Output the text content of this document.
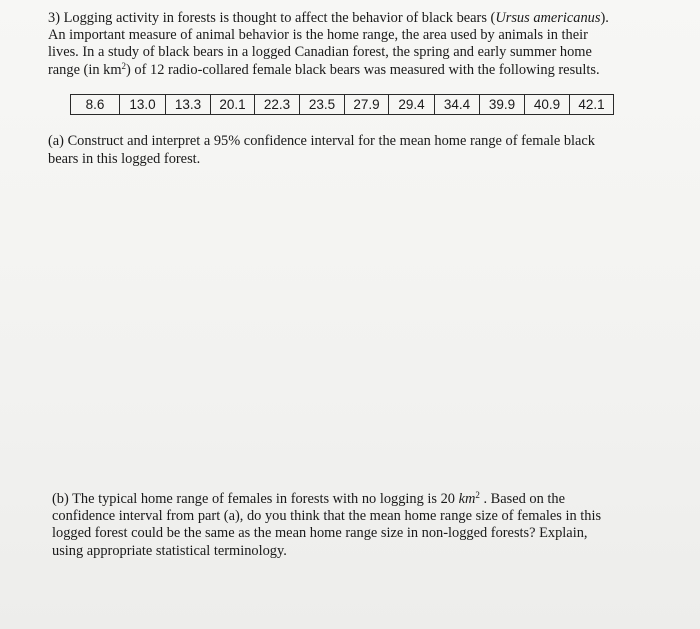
3) Logging activity in forests is thought to affect the behavior of black bears (Ursus americanus).
An important measure of animal behavior is the home range, the area used by animals in their
lives. In a study of black bears in a logged Canadian forest, the spring and early summer home
range (in $km^2$) of 12 radio-collared female black bears was measured with the following results.
8.6	13.0	13.3	20.1	22.3	23.5	27.9	29.4	34.4	39.9	40.9	42.1
(a) Construct and interpret a 95% confidence interval for the mean home range of female black
bears in this logged forest.
(b) The typical home range of females in forests with no logging is 20 $km^2$ . Based on the
confidence interval from part (a), do you think that the mean home range size of females in this
logged forest could be the same as the mean home range size in non-logged forests? Explain,
using appropriate statistical terminology.
